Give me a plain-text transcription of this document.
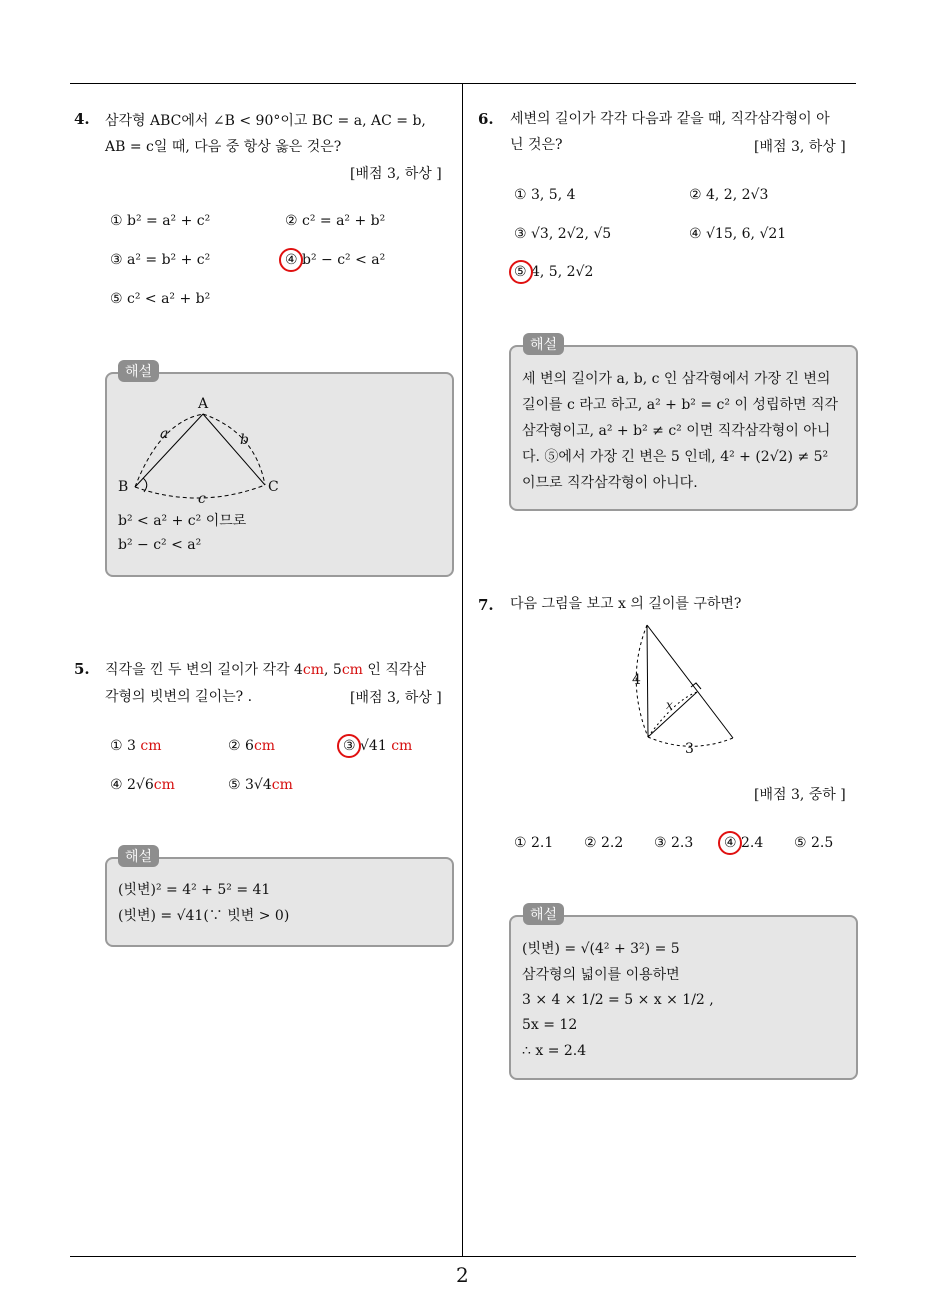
2
4. 삼각형 ABC에서 ∠B < 90°이고 BC = a, AC = b,
AB = c일 때, 다음 중 항상 옳은 것은?
[배점 3, 하상 ]
① b² = a² + c²	② c² = a² + b²
③ a² = b² + c²	④ b² − c² < a²
⑤ c² < a² + b²
해설
A
B	C
a	b
c
b² < a² + c² 이므로
b² − c² < a²
5. 직각을 낀 두 변의 길이가 각각 4cm, 5cm 인 직각삼
각형의 빗변의 길이는? .	[배점 3, 하상 ]
① 3 cm	② 6cm	③ √41 cm
④ 2√6cm	⑤ 3√4cm
해설
(빗변)² = 4² + 5² = 41
(빗변) = √41(∵ 빗변 > 0)
6. 세변의 길이가 각각 다음과 같을 때, 직각삼각형이 아
닌 것은?	[배점 3, 하상 ]
① 3, 5, 4	② 4, 2, 2√3
③ √3, 2√2, √5	④ √15, 6, √21
⑤ 4, 5, 2√2
해설
세 변의 길이가 a, b, c 인 삼각형에서 가장 긴 변의
길이를 c 라고 하고, a² + b² = c² 이 성립하면 직각
삼각형이고, a² + b² ≠ c² 이면 직각삼각형이 아니
다. ⑤에서 가장 긴 변은 5 인데, 4² + (2√2) ≠ 5²
이므로 직각삼각형이 아니다.
7. 다음 그림을 보고 x 의 길이를 구하면?
4
x
3
[배점 3, 중하 ]
① 2.1 ② 2.2 ③ 2.3 ④ 2.4 ⑤ 2.5
해설
(빗변) = √(4² + 3²) = 5
삼각형의 넓이를 이용하면
3 × 4 × 1/2 = 5 × x × 1/2 ,
5x = 12
∴ x = 2.4
